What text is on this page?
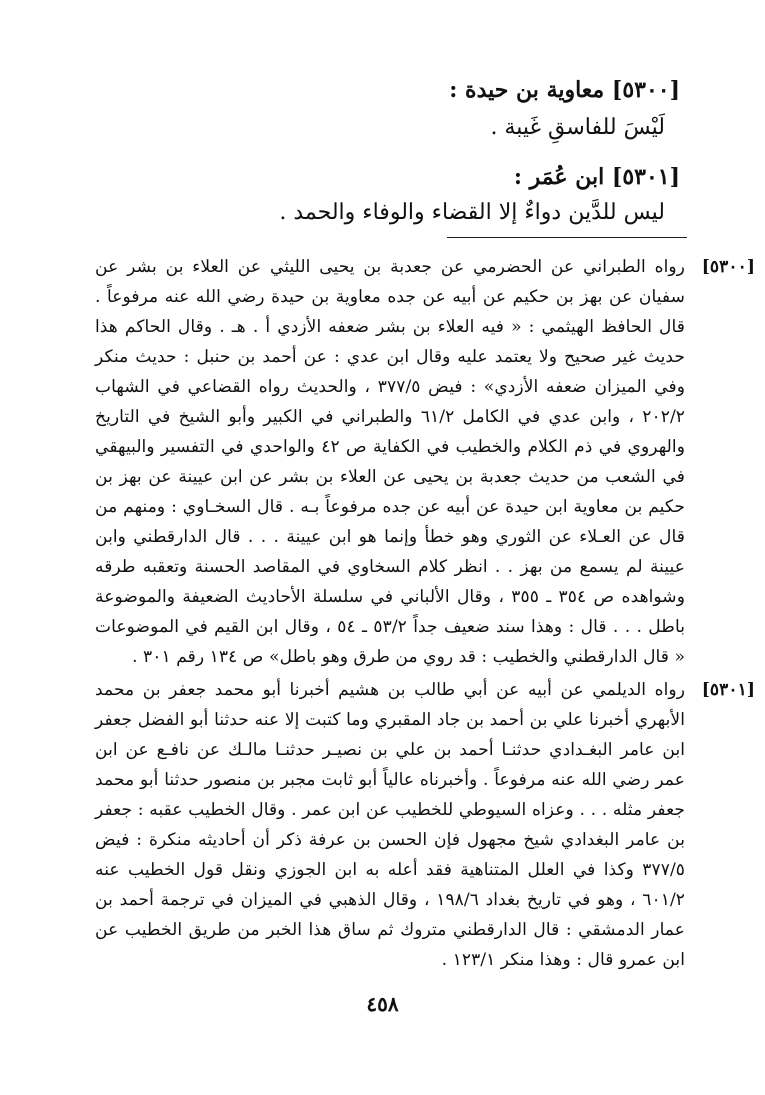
[٥٣٠٠] معاوية بن حيدة :
لَيْسَ للفاسقِ غَيبة .
[٥٣٠١] ابن عُمَر :
ليس للدَّين دواءٌ إلا القضاء والوفاء والحمد .
[٥٣٠٠]
رواه الطبراني عن الحضرمي عن جعدبة بن يحيى الليثي عن العلاء بن بشر عن سفيان عن بهز بن حكيم عن أبيه عن جده معاوية بن حيدة رضي الله عنه مرفوعاً . قال الحافظ الهيثمي : « فيه العلاء بن بشر ضعفه الأزدي أ . هـ . وقال الحاكم هذا حديث غير صحيح ولا يعتمد عليه وقال ابن عدي : عن أحمد بن حنبل : حديث منكر وفي الميزان ضعفه الأزدي» : فيض ٣٧٧/٥ ، والحديث رواه القضاعي في الشهاب ٢٠٢/٢ ، وابن عدي في الكامل ٦١/٢ والطبراني في الكبير وأبو الشيخ في التاريخ والهروي في ذم الكلام والخطيب في الكفاية ص ٤٢ والواحدي في التفسير والبيهقي في الشعب من حديث جعدبة بن يحيى عن العلاء بن بشر عن ابن عيينة عن بهز بن حكيم بن معاوية ابن حيدة عن أبيه عن جده مرفوعاً بـه . قال السخـاوي : ومنهم من قال عن العـلاء عن الثوري وهو خطأ وإنما هو ابن عيينة . . . قال الدارقطني وابن عيينة لم يسمع من بهز . . انظر كلام السخاوي في المقاصد الحسنة وتعقبه طرقه وشواهده ص ٣٥٤ ـ ٣٥٥ ، وقال الألباني في سلسلة الأحاديث الضعيفة والموضوعة باطل . . . قال : وهذا سند ضعيف جداً ٥٣/٢ ـ ٥٤ ، وقال ابن القيم في الموضوعات « قال الدارقطني والخطيب : قد روي من طرق وهو باطل» ص ١٣٤ رقم ٣٠١ .
[٥٣٠١]
رواه الديلمي عن أبيه عن أبي طالب بن هشيم أخبرنا أبو محمد جعفر بن محمد الأبهري أخبرنا علي بن أحمد بن جاد المقبري وما كتبت إلا عنه حدثنا أبو الفضل جعفر ابن عامر البغـدادي حدثنـا أحمد بن علي بن نصيـر حدثنـا مالـك عن نافـع عن ابن عمر رضي الله عنه مرفوعاً . وأخبرناه عالياً أبو ثابت مجبر بن منصور حدثنا أبو محمد جعفر مثله . . . وعزاه السيوطي للخطيب عن ابن عمر . وقال الخطيب عقبه : جعفر بن عامر البغدادي شيخ مجهول فإن الحسن بن عرفة ذكر أن أحاديثه منكرة : فيض ٣٧٧/٥ وكذا في العلل المتناهية فقد أعله به ابن الجوزي ونقل قول الخطيب عنه ٦٠١/٢ ، وهو في تاريخ بغداد ١٩٨/٦ ، وقال الذهبي في الميزان في ترجمة أحمد بن عمار الدمشقي : قال الدارقطني متروك ثم ساق هذا الخبر من طريق الخطيب عن ابن عمرو قال : وهذا منكر ١٢٣/١ .
٤٥٨
